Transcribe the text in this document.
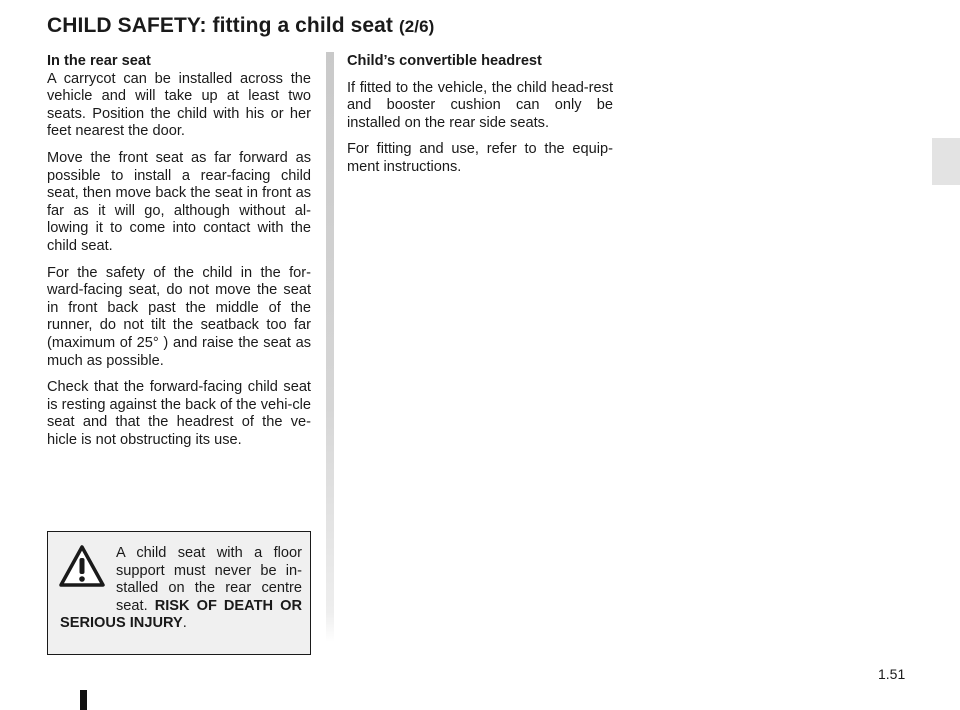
CHILD SAFETY: fitting a child seat (2/6)
In the rear seat

A carrycot can be installed across the vehicle and will take up at least two seats. Position the child with his or her feet nearest the door.

Move the front seat as far forward as possible to install a rear-facing child seat, then move back the seat in front as far as it will go, although without al-lowing it to come into contact with the child seat.

For the safety of the child in the for-ward-facing seat, do not move the seat in front back past the middle of the runner, do not tilt the seatback too far (maximum of 25° ) and raise the seat as much as possible.

Check that the forward-facing child seat is resting against the back of the vehi-cle seat and that the headrest of the ve-hicle is not obstructing its use.

Child’s convertible headrest

If fitted to the vehicle, the child head-rest and booster cushion can only be installed on the rear side seats.

For fitting and use, refer to the equip-ment instructions.

A child seat with a floor support must never be in-stalled on the rear centre seat. RISK OF DEATH OR SERIOUS INJURY.
1.51
